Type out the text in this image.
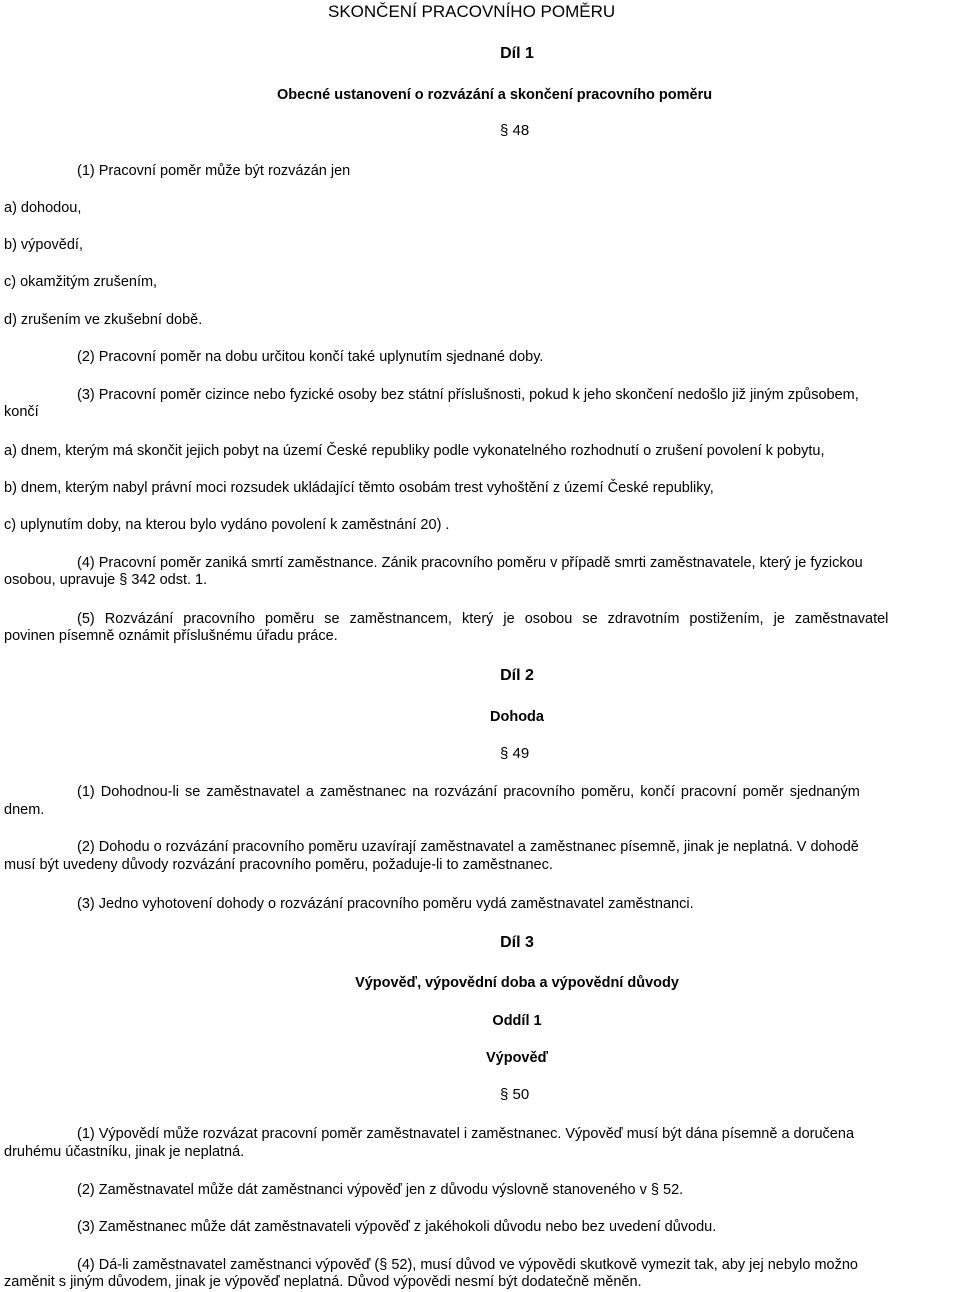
SKONČENÍ PRACOVNÍHO POMĚRU
Díl 1
Obecné ustanovení o rozvázání a skončení pracovního poměru
§ 48
(1) Pracovní poměr může být rozvázán jen
a) dohodou,
b) výpovědí,
c) okamžitým zrušením,
d) zrušením ve zkušební době.
(2) Pracovní poměr na dobu určitou končí také uplynutím sjednané doby.
(3) Pracovní poměr cizince nebo fyzické osoby bez státní příslušnosti, pokud k jeho skončení nedošlo již jiným způsobem,
končí
a) dnem, kterým má skončit jejich pobyt na území České republiky podle vykonatelného rozhodnutí o zrušení povolení k pobytu,
b) dnem, kterým nabyl právní moci rozsudek ukládající těmto osobám trest vyhoštění z území České republiky,
c) uplynutím doby, na kterou bylo vydáno povolení k zaměstnání 20) .
(4) Pracovní poměr zaniká smrtí zaměstnance. Zánik pracovního poměru v případě smrti zaměstnavatele, který je fyzickou
osobou, upravuje § 342 odst. 1.
(5) Rozvázání pracovního poměru se zaměstnancem, který je osobou se zdravotním postižením, je zaměstnavatel
povinen písemně oznámit příslušnému úřadu práce.
Díl 2
Dohoda
§ 49
(1) Dohodnou-li se zaměstnavatel a zaměstnanec na rozvázání pracovního poměru, končí pracovní poměr sjednaným
dnem.
(2) Dohodu o rozvázání pracovního poměru uzavírají zaměstnavatel a zaměstnanec písemně, jinak je neplatná. V dohodě
musí být uvedeny důvody rozvázání pracovního poměru, požaduje-li to zaměstnanec.
(3) Jedno vyhotovení dohody o rozvázání pracovního poměru vydá zaměstnavatel zaměstnanci.
Díl 3
Výpověď, výpovědní doba a výpovědní důvody
Oddíl 1
Výpověď
§ 50
(1) Výpovědí může rozvázat pracovní poměr zaměstnavatel i zaměstnanec. Výpověď musí být dána písemně a doručena
druhému účastníku, jinak je neplatná.
(2) Zaměstnavatel může dát zaměstnanci výpověď jen z důvodu výslovně stanoveného v § 52.
(3) Zaměstnanec může dát zaměstnavateli výpověď z jakéhokoli důvodu nebo bez uvedení důvodu.
(4) Dá-li zaměstnavatel zaměstnanci výpověď (§ 52), musí důvod ve výpovědi skutkově vymezit tak, aby jej nebylo možno
zaměnit s jiným důvodem, jinak je výpověď neplatná. Důvod výpovědi nesmí být dodatečně měněn.
